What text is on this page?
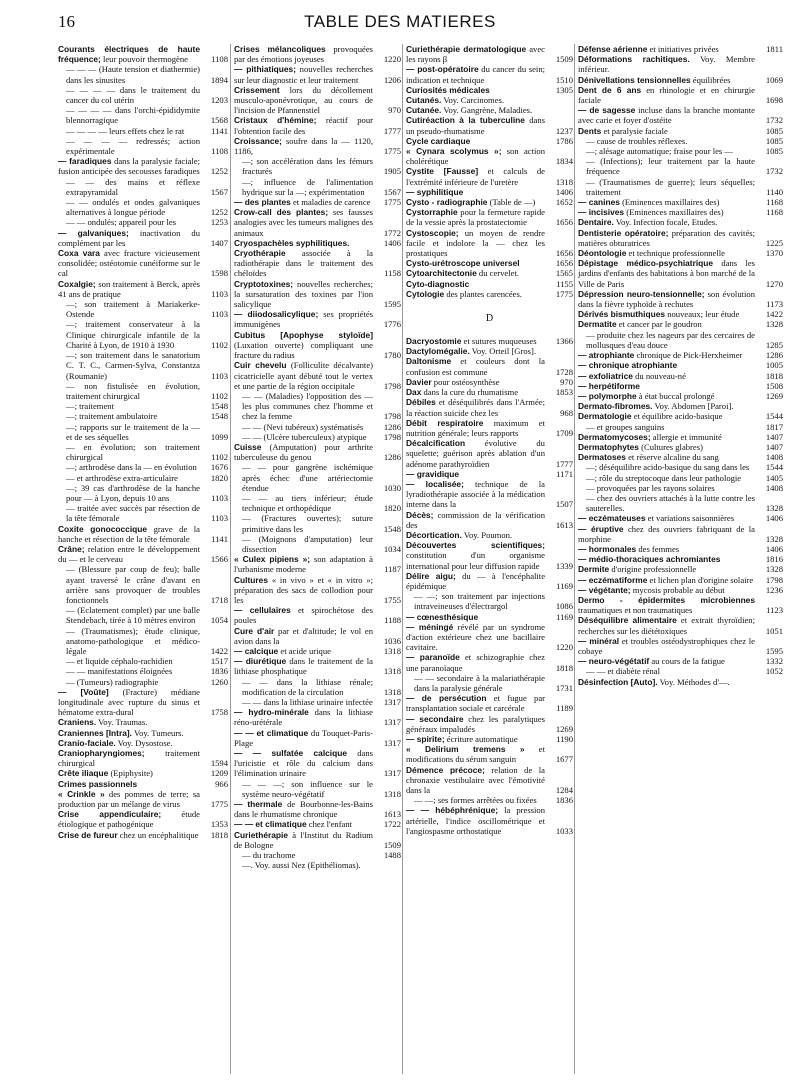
TABLE DES MATIERES
16

Courants électriques de haute fréquence; leur pouvoir thermogène	1108

— — — (Haute tension et diathermie) dans les sinusites	1894

— — — — dans le traitement du cancer du col utérin	1203

— — — — dans l'orchi-épididymite blennorragique	1568

— — — — leurs effets chez le rat	1141

— — — — redressés; action expérimentale	1108

— faradiques dans la paralysie faciale; fusion anticipée des secousses faradiques 1252

— — des mains et réflexe extrapyramidal	1567

— — ondulés et ondes galvaniques alternatives à longue période	1252

— — ondulés; appareil pour les	1253

— galvaniques; inactivation du complément par les	1407

Coxa vara avec fracture vicieusement consolidée; ostéotomie cunéiforme sur le cal	1598

Coxalgie; son traitement à Berck, après 41 ans de pratique	1103

—; son traitement à Mariakerke-Ostende	1103

—; traitement conservateur à la Clinique chirurgicale infantile de la Charité à Lyon, de 1910 à 1930	1102

—; son traitement dans le sanatorium C. T. C., Carmen-Sylva, Constantza (Roumanie)	1103

— non fistulisée en évolution, traitement chirurgical	1102

—; traitement	1548

—; traitement ambulatoire	1548

—; rapports sur le traitement de la — et de ses séquelles	1099

— en évolution; son traitement chirurgical	1102

—; arthrodèse dans la — en évolution 1676

— et arthrodèse extra-articulaire	1820

—; 39 cas d'arthrodèse de la hanche pour — à Lyon, depuis 10 ans	1103

— traitée avec succès par résection de la tête fémorale	1103

Coxite gonococcique grave de la hanche et résection de la tête fémorale 1141

Crâne; relation entre le développement du — et le cerveau	1566

— (Blessure par coup de feu); balle ayant traversé le crâne d'avant en arrière sans provoquer de troubles fonctionnels	1718

— (Eclatement complet) par une balle Stendebach, tirée à 10 mètres environ 1054

— (Traumatismes); étude clinique, anatomo-pathologique et médico-légale	1422

— et liquide céphalo-rachidien	1517

— — manifestations éloignées	1836

— (Tumeurs) radiographie	1260

— [Voûte] (Fracture) médiane longitudinale avec rupture du sinus et hématome extra-dural	1758

Craniens. Voy. Traumas.

Craniennes [Intra]. Voy. Tumeurs.

Cranio-faciale. Voy. Dysostose.

Craniopharyngiomes; traitement chirurgical	1594

Crête iliaque (Epiphysite)	1209

Crimes passionnels	966

« Crinkle » des pommes de terre; sa production par un mélange de virus	1775

Crise appendiculaire; étude étiologique et pathogénique	1353

Crise de fureur chez un encéphalitique 1818

Crises mélancoliques provoquées par des émotions joyeuses	1220

— pithiatiques; nouvelles recherches sur leur diagnostic et leur traitement	1206

Crissement lors du décollement musculo-aponévrotique, au cours de l'incision de Pfannenstiel	970

Cristaux d'hémine; réactif pour l'obtention facile des	1777

Croissance; soufre dans la — 1120, 1186,	1775

—; son accélération dans les fémurs fracturés	1905

—; influence de l'alimentation hydrique sur la —; expérimentation 1567

— des plantes et maladies de carence 1775

Crow-call des plantes; ses fausses analogies avec les tumeurs malignes des animaux	1772

Cryospachèles syphilitiques.	1406

Cryothérapie associée à la radiothérapie dans le traitement des chéloïdes	1158

Cryptotoxines; nouvelles recherches; la sursaturation des toxines par l'ion salicylique	1595

— diiodosalicylique; ses propriétés immunigènes	1776

Cubitus [Apophyse styloïde] (Luxation ouverte) compliquant une fracture du radius	1780

Cuir chevelu (Folliculite décalvante) cicatricielle ayant débuté tout le vertex et une partie de la région occipitale	1798

— — (Maladies) l'opposition des — les plus communes chez l'homme et chez la femme	1798

— — (Nevi tubéreux) systématisés 1286

— — (Ulcère tuberculeux) atypique 1798

Cuisse (Amputation) pour arthrite tuberculeuse du genou	1286

— — pour gangrène ischémique après échec d'une artériectomie étendue	1030

— — au tiers inférieur; étude technique et orthopédique	1820

— (Fractures ouvertes); suture primitive dans les	1548

— (Moignons d'amputation) leur dissection	1034

« Culex pipiens »; son adaptation à l'urbanisme moderne	1187

Cultures « in vivo » et « in vitro »; préparation des sacs de collodion pour les	1755

— cellulaires et spirochétose des poules	1188

Cure d'air par et d'altitude; le vol en avion dans la	1036

— calcique et acide urique	1318

— diurétique dans le traitement de la lithiase phosphatique	1318

— — dans la lithiase rénale; modification de la circulation	1318

— — dans la lithiase urinaire infectée 1317

— hydro-minérale dans la lithiase réno-urétérale	1317

— — et climatique du Touquet-Paris-Plage	1317

— — sulfatée calcique dans l'uricistie et rôle du calcium dans l'élimination urinaire	1317

— — —; son influence sur le système neuro-végétatif	1318

— thermale de Bourbonne-les-Bains dans le rhumatisme chronique	1613

— — et climatique chez l'enfant	1722

Curiethérapie à l'Institut du Radium de Bologne	1509

— du trachome	1488

—. Voy. aussi Nez (Epithéliomas).

Curiethérapie dermatologique avec les rayons β	1509

— post-opératoire du cancer du sein; indication et technique	1510

Curiosités médicales	1305

Cutanés. Voy. Carcinomes.

Cutanée. Voy. Gangrène, Maladies.

Cutiréaction à la tuberculine dans un pseudo-rhumatisme	1237

Cycle cardiaque	1786

« Cynara scolymus »; son action cholérétique	1834

Cystite [Fausse] et calculs de l'extrémité inférieure de l'uretère	1318

— syphilitique	1406

Cysto - radiographie (Table de —) 1652

Cystorraphie pour la fermeture rapide de la vessie après la prostatectomie	1656

Cystoscopie; un moyen de rendre facile et indolore la — chez les prostatiques	1656

Cysto-urétroscope universel	1656

Cytoarchitectonie du cervelet.	1565

Cyto-diagnostic	1155

Cytologie des plantes carencées.	1775

D

Dacryostomie et sutures muqueuses 1366

Dactylomégalie. Voy. Orteil [Gros].

Daltonisme et couleurs dont la confusion est commune	1728

Davier pour ostéosynthèse	970

Dax dans la cure du rhumatisme	1853

Débiles et déséquilibrés dans l'Armée; la réaction suicide chez les	968

Débit respiratoire maximum et nutrition générale; leurs rapports	1709

Décalcification évolutive du squelette; guérison après ablation d'un adénome parathyroïdien	1777

— gravidique	1171

— localisée; technique de la lyradiothérapie associée à la médication interne dans la	1507

Décès; commission de la vérification des	1613

Décortication. Voy. Poumon.

Découvertes scientifiques; constitution d'un organisme international pour leur diffusion rapide 1339

Délire aigu; du — à l'encéphalite épidémique	1169

— —; son traitement par injections intraveineuses d'électrargol	1086

— cœnesthésique	1169

— méningé révélé par un syndrome d'action extérieure chez une bacillaire cavitaire.	1220

— paranoïde et schizographie chez une paranoïaque	1818

— — secondaire à la malariathérapie dans la paralysie générale	1731

— de persécution et fugue par transplantation sociale et carcérale	1189

— secondaire chez les paralytiques généraux impaludés	1269

— spirite; écriture automatique	1190

« Delirium tremens » et modifications du sérum sanguin	1677

Démence précoce; relation de la chronaxie vestibulaire avec l'émotivité dans la	1284

— —; ses formes arrêtées ou fixées 1836

— — hébéphrénique; la pression artérielle, l'indice oscillométrique et l'angiospasme orthostatique	1033

Défense aérienne et initiatives privées	1811

Déformations rachitiques. Voy. Membre inférieur.

Dénivellations tensionnelles équilibrées	1069

Dent de 6 ans en rhinologie et en chirurgie faciale	1698

— de sagesse incluse dans la branche montante avec carie et foyer d'ostéite	1732

Dents et paralysie faciale	1085

— cause de troubles réflexes.	1085

—; alésage automatique; fraise pour les —	1085

— (Infections); leur traitement par la haute fréquence	1732

— (Traumatismes de guerre); leurs séquelles; traitement	1140

— canines (Eminences maxillaires des)	1168

— incisives (Eminences maxillaires des)	1168

Dentaire. Voy. Infection focale, Etudes.

Dentisterie opératoire; préparation des cavités; matières obturatrices	1225

Déontologie et technique professionnelle	1370

Dépistage médico-psychiatrique dans les jardins d'enfants des habitations à bon marché de la Ville de Paris	1270

Dépression neuro-tensionnelle; son évolution dans la fièvre typhoïde à rechutes	1173

Dérivés bismuthiques nouveaux; leur étude	1422

Dermatite et cancer par le goudron	1328

— produite chez les nageurs par des cercaires de mollusques d'eau douce	1285

— atrophiante chronique de Pick-Herxheimer	1286

— chronique atrophiante	1005

— exfoliatrice du nouveau-né	1818

— herpétiforme	1508

— polymorphe à état buccal prolongé	1269

Dermato-fibromes. Voy. Abdomen [Paroi].

Dermatologie et équilibre acido-basique	1544

— et groupes sanguins	1817

Dermatomycoses; allergie et immunité	1407

Dermatophytes (Cultures glabres)	1407

Dermatoses et réserve alcaline du sang	1408

—; déséquilibre acido-basique du sang dans les 1544

—; rôle du streptocoque dans leur pathologie	1405

— provoquées par les rayons solaires	1408

— chez des ouvriers attachés à la lutte contre les sauterelles.	1328

— eczémateuses et variations saisonnières	1406

— éruptive chez des ouvriers fabriquant de la morphine	1328

— hormonales des femmes	1406

— médio-thoraciques achromiantes	1816

Dermite d'origine professionnelle	1328

— eczématiforme et lichen plan d'origine solaire 1798

— végétante; mycosis probable au début	1236

Dermo - épidermites microbiennes traumatiques et non traumatiques	1123

Déséquilibre alimentaire et extrait thyroïdien; recherches sur les diététoxiques	1051

— minéral et troubles ostéodystrophiques chez le cobaye	1595

— neuro-végétatif au cours de la fatigue	1332

— — et diabète rénal	1052

Désinfection [Auto]. Voy. Méthodes d'—.
